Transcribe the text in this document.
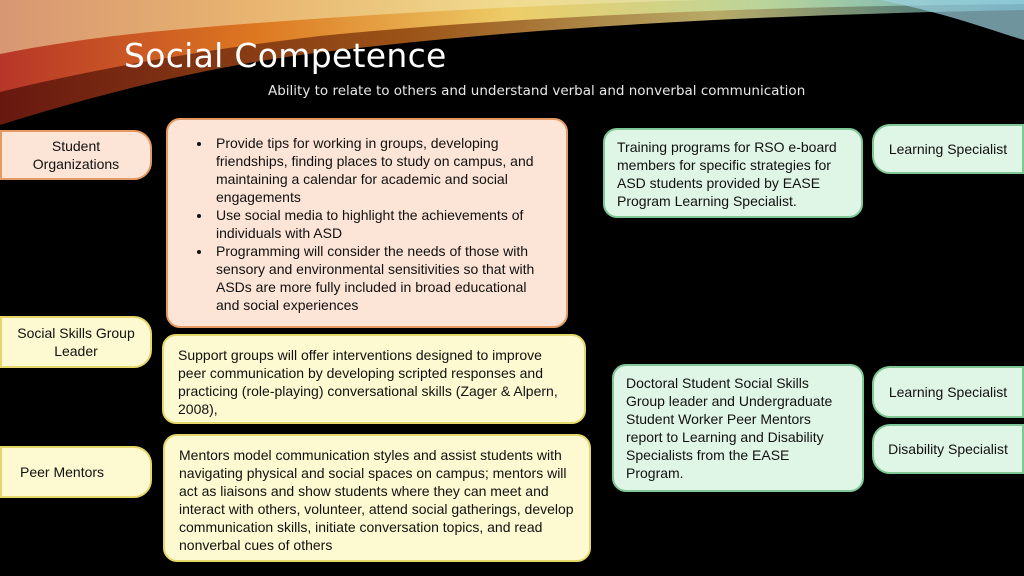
Social Competence
Ability to relate to others and understand verbal and nonverbal communication
Student Organizations
Social Skills Group Leader
Peer Mentors
• Provide tips for working in groups, developing friendships, finding places to study on campus, and maintaining a calendar for academic and social engagements
• Use social media to highlight the achievements of individuals with ASD
• Programming will consider the needs of those with sensory and environmental sensitivities so that with ASDs are more fully included in broad educational and social experiences
Support groups will offer interventions designed to improve peer communication by developing scripted responses and practicing (role-playing) conversational skills (Zager & Alpern, 2008),
Mentors model communication styles and assist students with navigating physical and social spaces on campus; mentors will act as liaisons and show students where they can meet and interact with others, volunteer, attend social gatherings, develop communication skills, initiate conversation topics, and read nonverbal cues of others
Training programs for RSO e-board members for specific strategies for ASD students provided by EASE Program Learning Specialist.
Doctoral Student Social Skills Group leader and Undergraduate Student Worker Peer Mentors report to Learning and Disability Specialists from the EASE Program.
Learning Specialist
Learning Specialist
Disability Specialist
